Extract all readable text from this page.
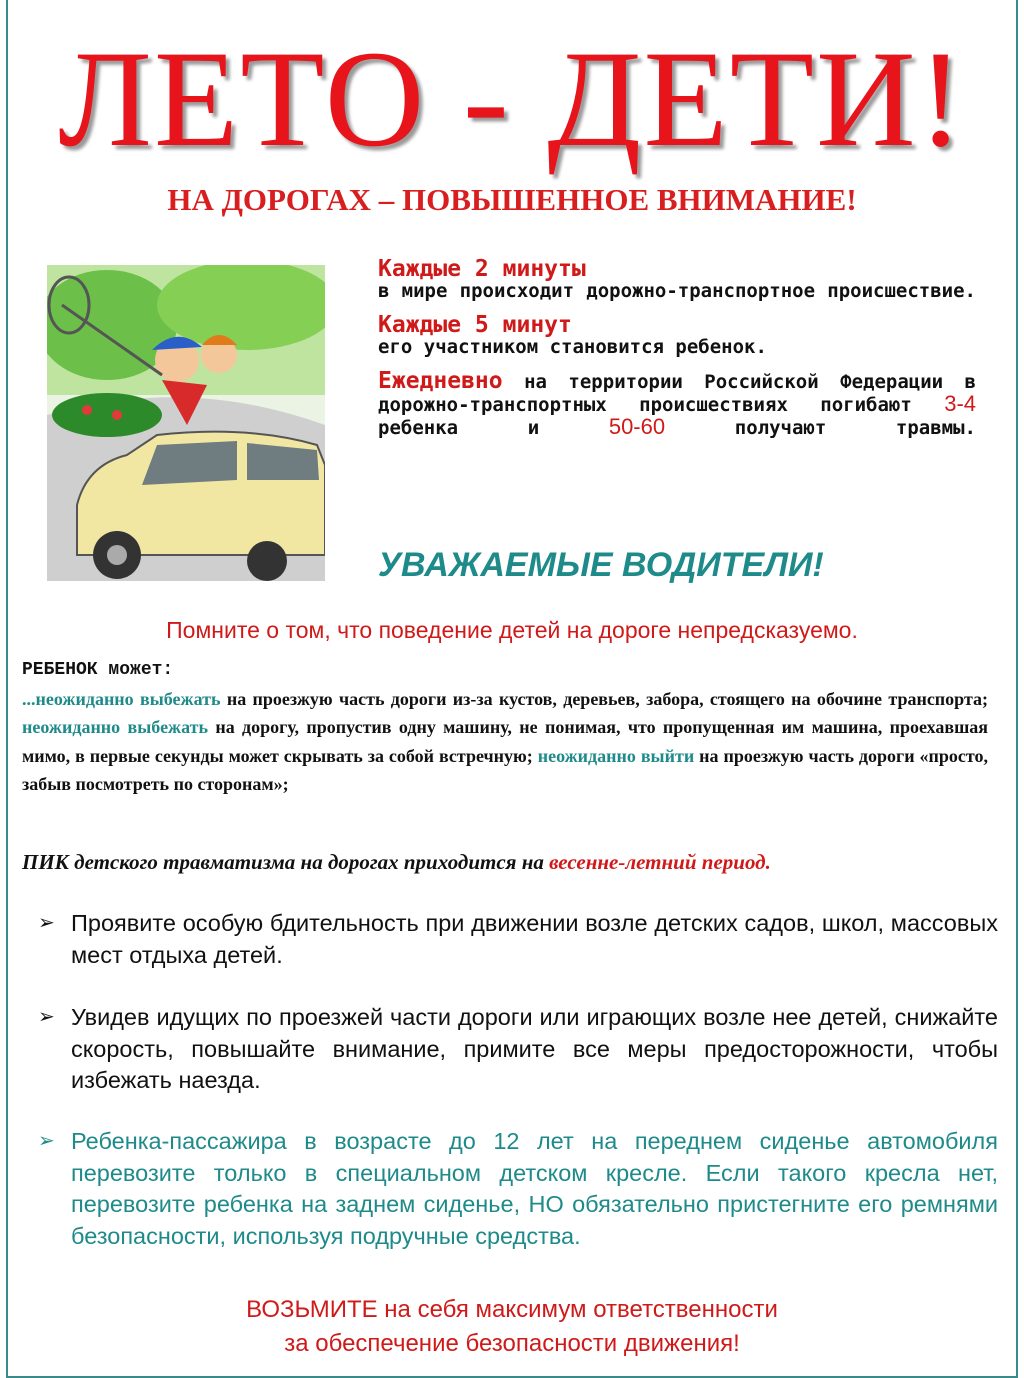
ЛЕТО - ДЕТИ!
НА ДОРОГАХ – ПОВЫШЕННОЕ ВНИМАНИЕ!
Каждые 2 минуты
в мире происходит дорожно-транспортное происшествие.
Каждые 5 минут
его участником становится ребенок.
Ежедневно на территории Российской Федерации в дорожно-транспортных происшествиях погибают 3-4 ребенка и	50-60	получают травмы.
УВАЖАЕМЫЕ ВОДИТЕЛИ!
Помните о том, что поведение детей на дороге непредсказуемо.
РЕБЕНОК может:
...неожиданно выбежать на проезжую часть дороги из-за кустов, деревьев, забора, стоящего на обочине транспорта; неожиданно выбежать на дорогу, пропустив одну машину, не понимая, что пропущенная им машина, проехавшая мимо, в первые секунды может скрывать за собой встречную; неожиданно выйти на проезжую часть дороги «просто, забыв посмотреть по сторонам»;
ПИК детского травматизма на дорогах приходится на весенне-летний период.
➢ Проявите особую бдительность при движении возле детских садов, школ, массовых мест отдыха детей.
➢ Увидев идущих по проезжей части дороги или играющих возле нее детей, снижайте скорость, повышайте внимание, примите все меры предосторожности, чтобы избежать наезда.
➢ Ребенка-пассажира в возрасте до 12 лет на переднем сиденье автомобиля перевозите только в специальном детском кресле. Если такого кресла нет, перевозите ребенка на заднем сиденье, НО обязательно пристегните его ремнями безопасности, используя подручные средства.
ВОЗЬМИТЕ на себя максимум ответственности
за обеспечение безопасности движения!
